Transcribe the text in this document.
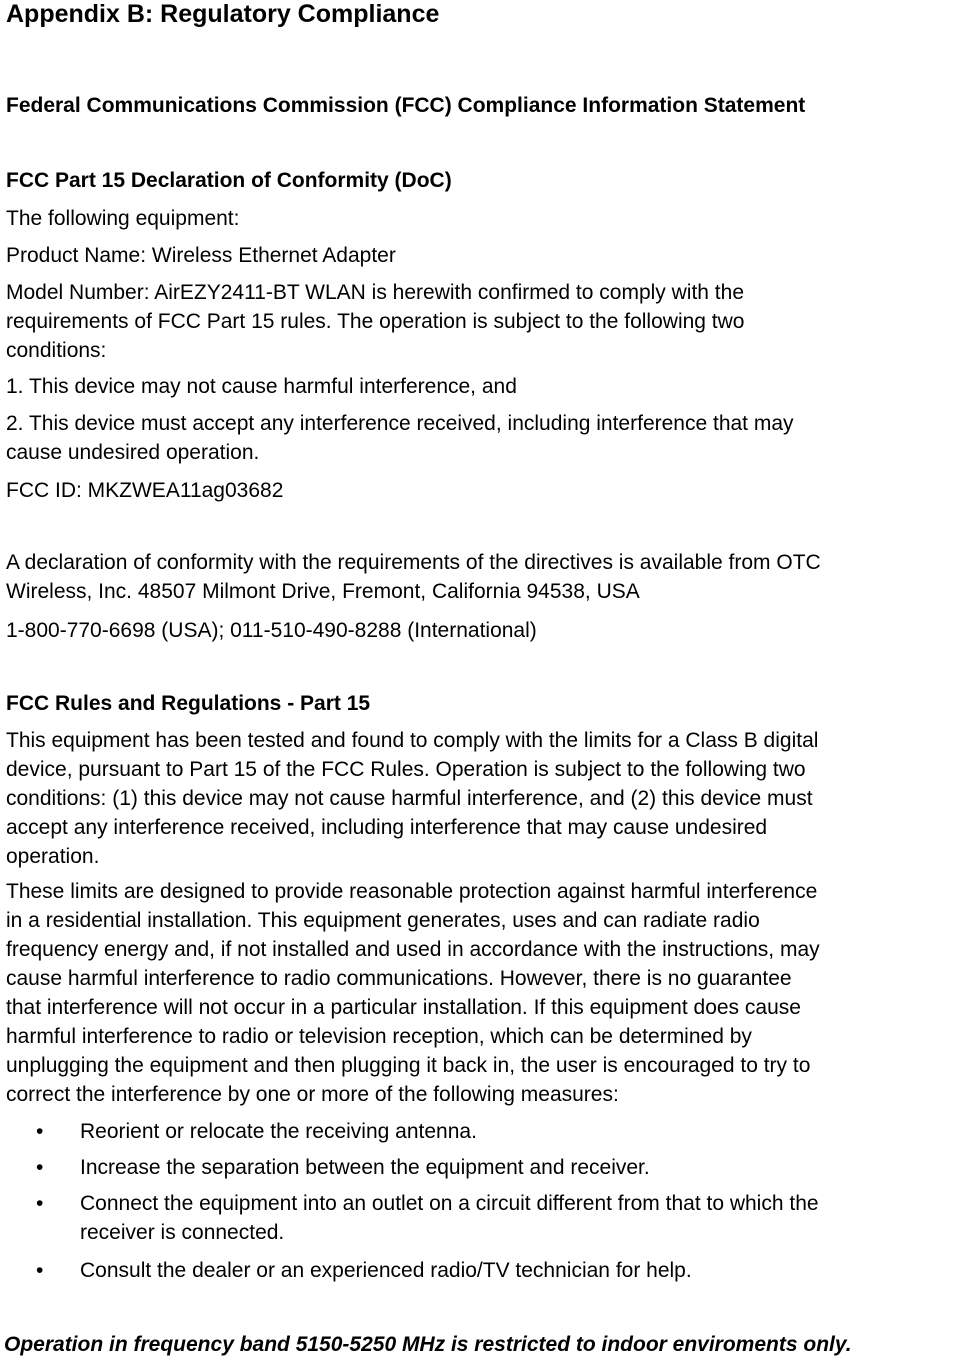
Appendix B: Regulatory Compliance
Federal Communications Commission (FCC) Compliance Information Statement
FCC Part 15 Declaration of Conformity (DoC)

The following equipment:

Product Name: Wireless Ethernet Adapter

Model Number: AirEZY2411-BT WLAN is herewith confirmed to comply with the
requirements of FCC Part 15 rules. The operation is subject to the following two
conditions:

1. This device may not cause harmful interference, and

2. This device must accept any interference received, including interference that may
cause undesired operation.

FCC ID: MKZWEA11ag03682

A declaration of conformity with the requirements of the directives is available from OTC
Wireless, Inc. 48507 Milmont Drive, Fremont, California 94538, USA

1-800-770-6698 (USA); 011-510-490-8288 (International)

FCC Rules and Regulations - Part 15

This equipment has been tested and found to comply with the limits for a Class B digital
device, pursuant to Part 15 of the FCC Rules. Operation is subject to the following two
conditions: (1) this device may not cause harmful interference, and (2) this device must
accept any interference received, including interference that may cause undesired
operation.

These limits are designed to provide reasonable protection against harmful interference
in a residential installation. This equipment generates, uses and can radiate radio
frequency energy and, if not installed and used in accordance with the instructions, may
cause harmful interference to radio communications. However, there is no guarantee
that interference will not occur in a particular installation. If this equipment does cause
harmful interference to radio or television reception, which can be determined by
unplugging the equipment and then plugging it back in, the user is encouraged to try to
correct the interference by one or more of the following measures:

• Reorient or relocate the receiving antenna.
• Increase the separation between the equipment and receiver.
• Connect the equipment into an outlet on a circuit different from that to which the
receiver is connected.
• Consult the dealer or an experienced radio/TV technician for help.

Operation in frequency band 5150-5250 MHz is restricted to indoor enviroments only.
